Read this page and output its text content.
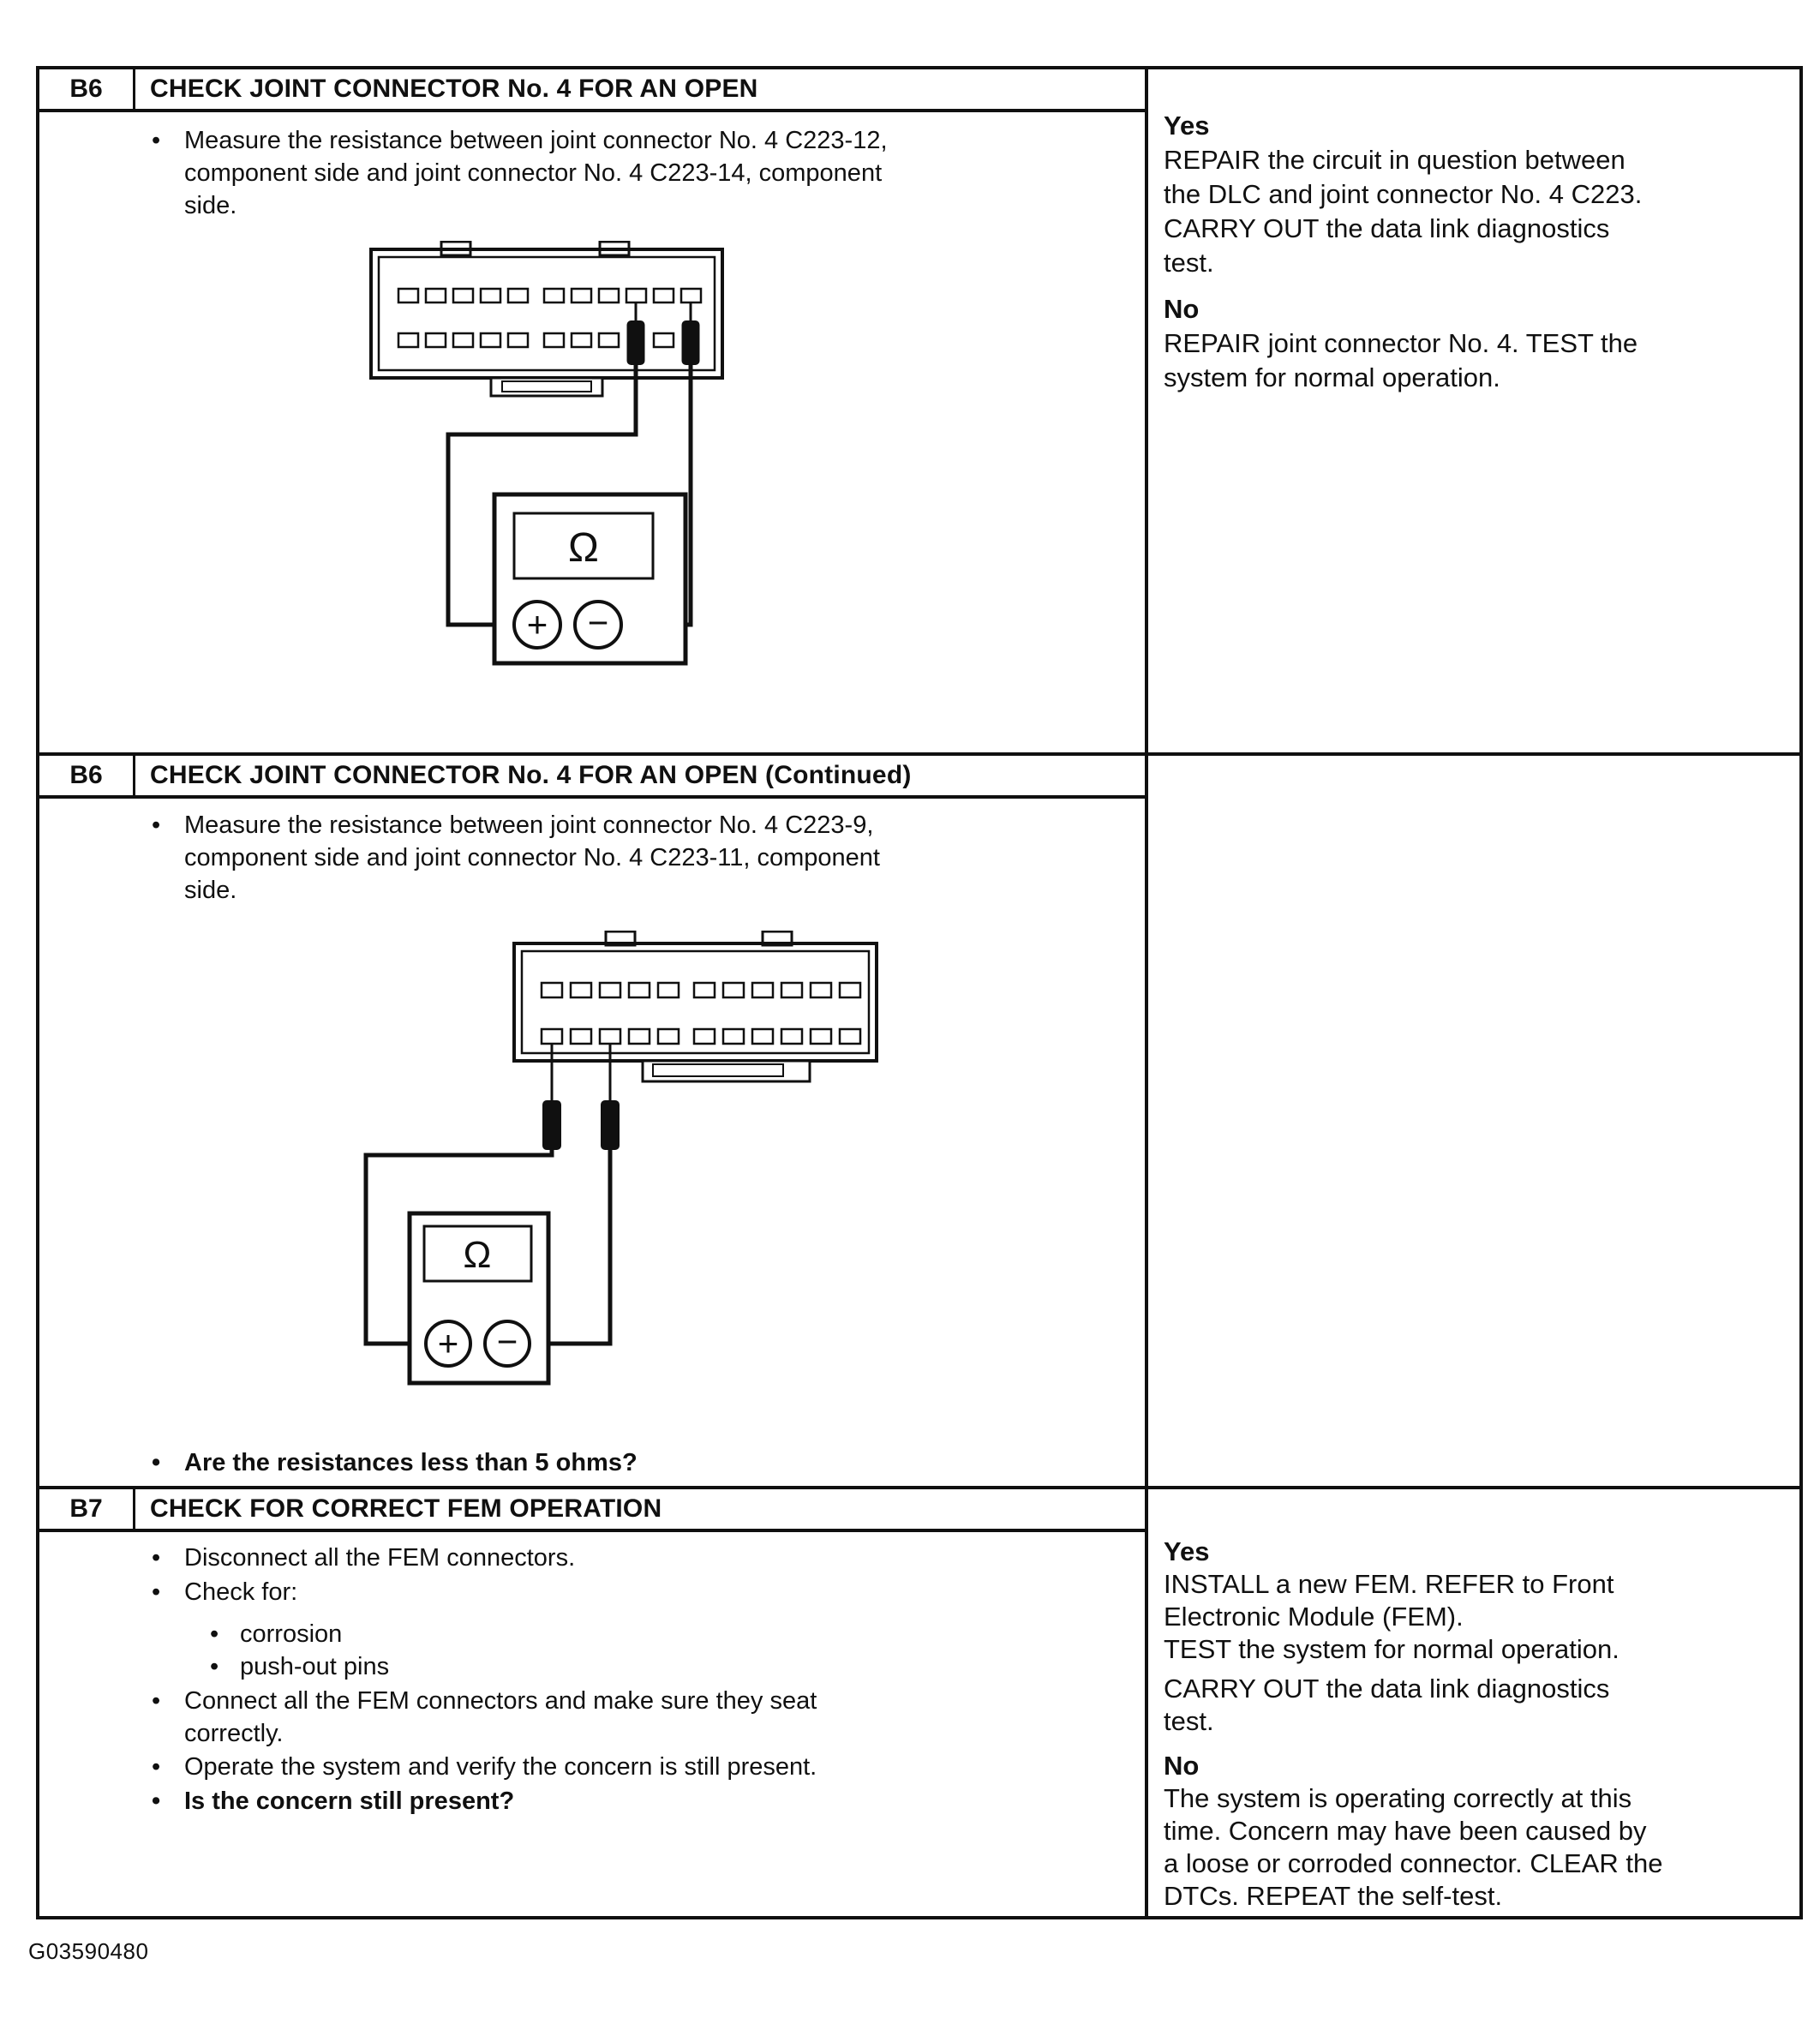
B6	CHECK JOINT CONNECTOR No. 4 FOR AN OPEN
•
Measure the resistance between joint connector No. 4 C223-12,
component side and joint connector No. 4 C223-14, component
side.
Ω
+ −
Yes
REPAIR the circuit in question between
the DLC and joint connector No. 4 C223.
CARRY OUT the data link diagnostics
test.
No
REPAIR joint connector No. 4. TEST the
system for normal operation.
B6	CHECK JOINT CONNECTOR No. 4 FOR AN OPEN (Continued)
•
Measure the resistance between joint connector No. 4 C223-9,
component side and joint connector No. 4 C223-11, component
side.
Ω
+ −
•
Are the resistances less than 5 ohms?
B7	CHECK FOR CORRECT FEM OPERATION
•
Disconnect all the FEM connectors.
•
Check for:
•
corrosion
•
push-out pins
•
Connect all the FEM connectors and make sure they seat
correctly.
•
Operate the system and verify the concern is still present.
•
Is the concern still present?
Yes
INSTALL a new FEM. REFER to Front
Electronic Module (FEM).
TEST the system for normal operation.
CARRY OUT the data link diagnostics
test.
No
The system is operating correctly at this
time. Concern may have been caused by
a loose or corroded connector. CLEAR the
DTCs. REPEAT the self-test.
G03590480
